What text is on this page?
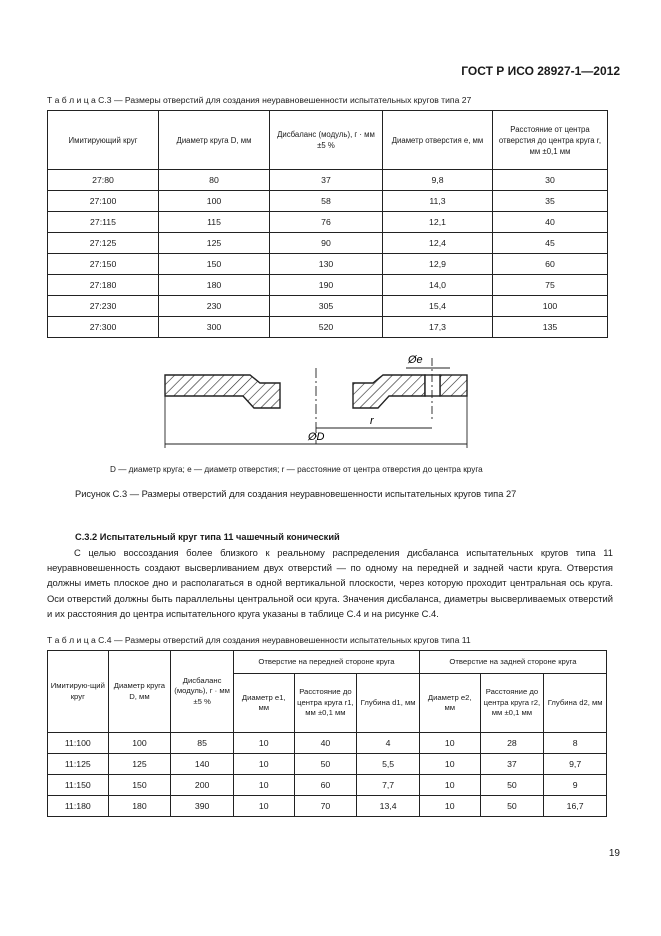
ГОСТ Р ИСО 28927-1—2012
Т а б л и ц а С.3 — Размеры отверстий для создания неуравновешенности испытательных кругов типа 27
Имитирующий круг	Диаметр круга D, мм	Дисбаланс (модуль), г · мм ±5 %	Диаметр отверстия e, мм	Расстояние от центра отверстия до центра круга r, мм ±0,1 мм
27:80	80	37	9,8	30
27:100	100	58	11,3	35
27:115	115	76	12,1	40
27:125	125	90	12,4	45
27:150	150	130	12,9	60
27:180	180	190	14,0	75
27:230	230	305	15,4	100
27:300	300	520	17,3	135
Øe
r
ØD
D — диаметр круга; e — диаметр отверстия; r — расстояние от центра отверстия до центра круга
Рисунок С.3 — Размеры отверстий для создания неуравновешенности испытательных кругов типа 27
С.3.2 Испытательный круг типа 11 чашечный конический
С целью воссоздания более близкого к реальному распределения дисбаланса испытательных кругов типа 11 неуравновешенность создают высверливанием двух отверстий — по одному на передней и задней части круга. Отверстия должны иметь плоское дно и располагаться в одной вертикальной плоскости, через которую проходит центральная ось круга. Оси отверстий должны быть параллельны центральной оси круга. Значения дисбаланса, диаметры высверливаемых отверстий и их расстояния до центра испытательного круга указаны в таблице С.4 и на рисунке С.4.
Т а б л и ц а С.4 — Размеры отверстий для создания неуравновешенности испытательных кругов типа 11
Имитирую-щий круг	Диаметр круга D, мм	Дисбаланс (модуль), г · мм ±5 %	Отверстие на передней стороне круга			Отверстие на задней стороне круга		
			Диаметр e1, мм	Расстояние до центра круга r1, мм ±0,1 мм	Глубина d1, мм	Диаметр e2, мм	Расстояние до центра круга r2, мм ±0,1 мм	Глубина d2, мм
11:100	100	85	10	40	4	10	28	8
11:125	125	140	10	50	5,5	10	37	9,7
11:150	150	200	10	60	7,7	10	50	9
11:180	180	390	10	70	13,4	10	50	16,7
19
